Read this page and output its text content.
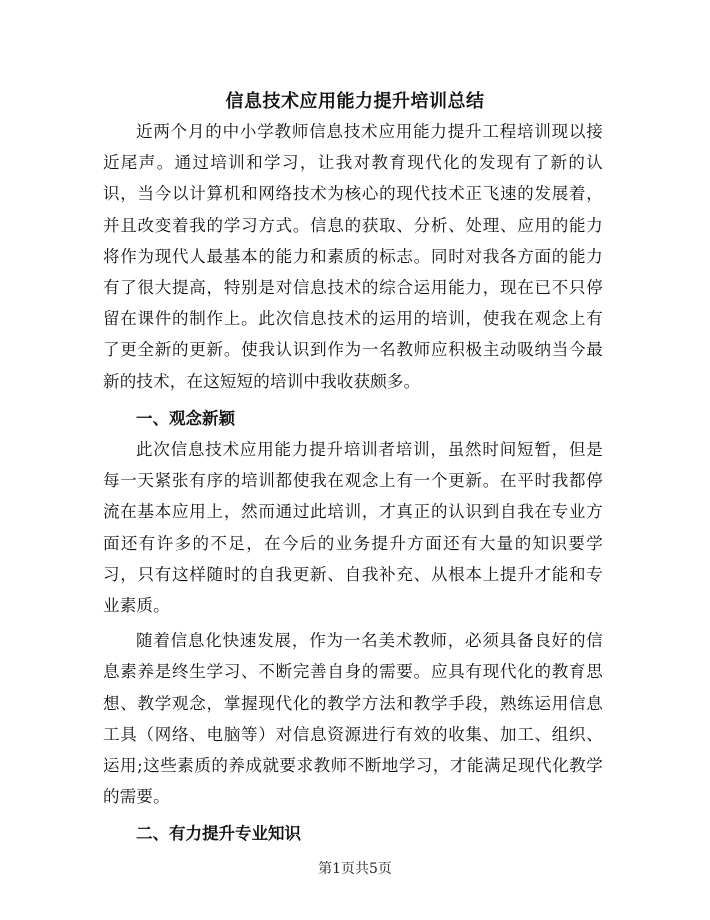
信息技术应用能力提升培训总结

近两个月的中小学教师信息技术应用能力提升工程培训现以接近尾声。通过培训和学习，让我对教育现代化的发现有了新的认识，当今以计算机和网络技术为核心的现代技术正飞速的发展着，并且改变着我的学习方式。信息的获取、分析、处理、应用的能力将作为现代人最基本的能力和素质的标志。同时对我各方面的能力有了很大提高，特别是对信息技术的综合运用能力，现在已不只停留在课件的制作上。此次信息技术的运用的培训，使我在观念上有了更全新的更新。使我认识到作为一名教师应积极主动吸纳当今最新的技术，在这短短的培训中我收获颇多。

一、观念新颖

此次信息技术应用能力提升培训者培训，虽然时间短暂，但是每一天紧张有序的培训都使我在观念上有一个更新。在平时我都停流在基本应用上，然而通过此培训，才真正的认识到自我在专业方面还有许多的不足，在今后的业务提升方面还有大量的知识要学习，只有这样随时的自我更新、自我补充、从根本上提升才能和专业素质。

随着信息化快速发展，作为一名美术教师，必须具备良好的信息素养是终生学习、不断完善自身的需要。应具有现代化的教育思想、教学观念，掌握现代化的教学方法和教学手段，熟练运用信息工具（网络、电脑等）对信息资源进行有效的收集、加工、组织、运用;这些素质的养成就要求教师不断地学习，才能满足现代化教学的需要。

二、有力提升专业知识

第1页共5页
